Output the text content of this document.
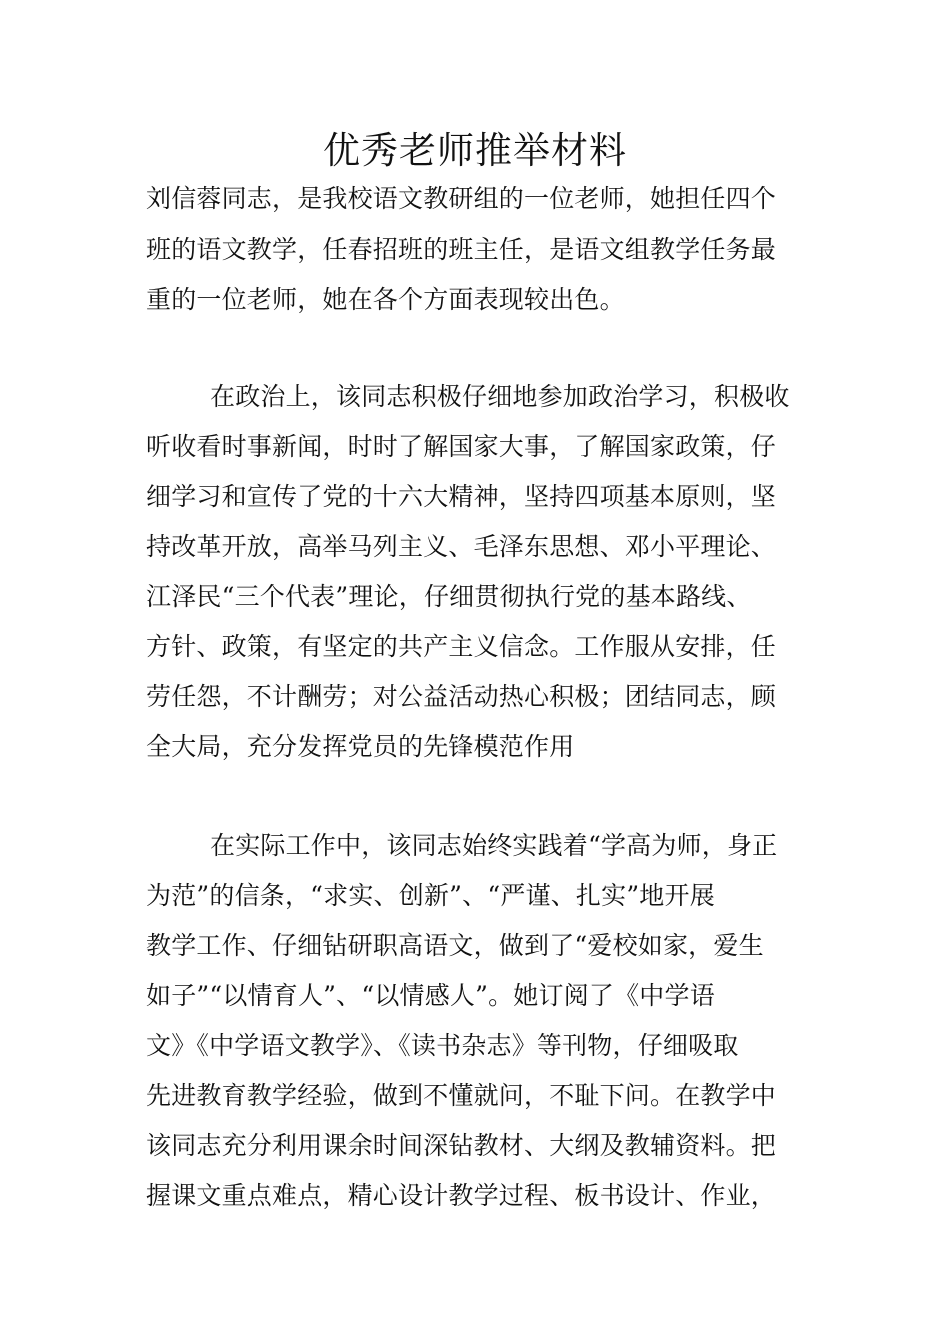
优秀老师推举材料
刘信蓉同志，是我校语文教研组的一位老师，她担任四个
班的语文教学，任春招班的班主任，是语文组教学任务最
重的一位老师，她在各个方面表现较出色。
在政治上，该同志积极仔细地参加政治学习，积极收
听收看时事新闻，时时了解国家大事，了解国家政策，仔
细学习和宣传了党的十六大精神，坚持四项基本原则，坚
持改革开放，高举马列主义、毛泽东思想、邓小平理论、
江泽民“三个代表”理论，仔细贯彻执行党的基本路线、
方针、政策，有坚定的共产主义信念。工作服从安排，任
劳任怨，不计酬劳；对公益活动热心积极；团结同志，顾
全大局，充分发挥党员的先锋模范作用
在实际工作中，该同志始终实践着“学高为师，身正
为范”的信条，“求实、创新”、“严谨、扎实”地开展
教学工作、仔细钻研职高语文，做到了“爱校如家，爱生
如子”“以情育人”、“以情感人”。她订阅了《中学语
文》《中学语文教学》、《读书杂志》等刊物，仔细吸取
先进教育教学经验，做到不懂就问，不耻下问。在教学中
该同志充分利用课余时间深钻教材、大纲及教辅资料。把
握课文重点难点，精心设计教学过程、板书设计、作业，
